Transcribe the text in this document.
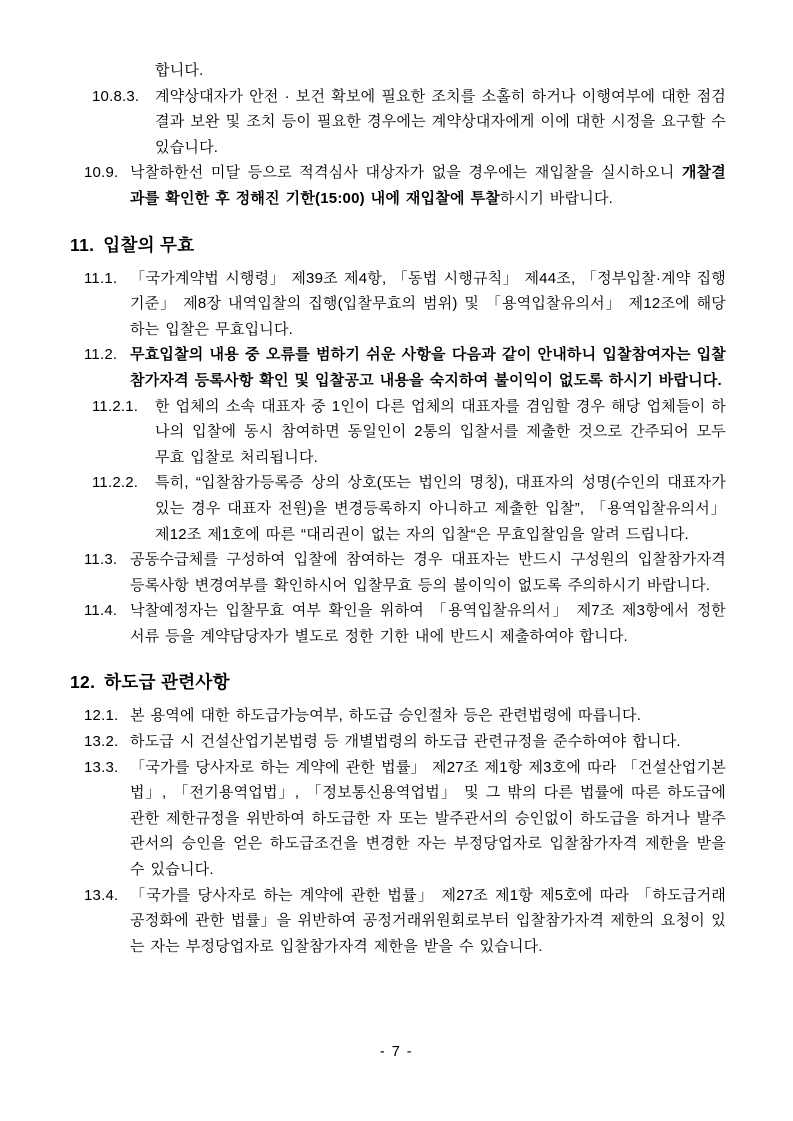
합니다.
10.8.3. 계약상대자가 안전 · 보건 확보에 필요한 조치를 소홀히 하거나 이행여부에 대한 점검결과 보완 및 조치 등이 필요한 경우에는 계약상대자에게 이에 대한 시정을 요구할 수 있습니다.
10.9. 낙찰하한선 미달 등으로 적격심사 대상자가 없을 경우에는 재입찰을 실시하오니 개찰결과를 확인한 후 정해진 기한(15:00) 내에 재입찰에 투찰하시기 바랍니다.
11. 입찰의 무효
11.1. 「국가계약법 시행령」 제39조 제4항, 「동법 시행규칙」 제44조, 「정부입찰·계약 집행기준」 제8장 내역입찰의 집행(입찰무효의 범위) 및 「용역입찰유의서」 제12조에 해당하는 입찰은 무효입니다.
11.2. 무효입찰의 내용 중 오류를 범하기 쉬운 사항을 다음과 같이 안내하니 입찰참여자는 입찰참가자격 등록사항 확인 및 입찰공고 내용을 숙지하여 불이익이 없도록 하시기 바랍니다.
11.2.1. 한 업체의 소속 대표자 중 1인이 다른 업체의 대표자를 겸임할 경우 해당 업체들이 하나의 입찰에 동시 참여하면 동일인이 2통의 입찰서를 제출한 것으로 간주되어 모두 무효 입찰로 처리됩니다.
11.2.2. 특히, “입찰참가등록증 상의 상호(또는 법인의 명칭), 대표자의 성명(수인의 대표자가 있는 경우 대표자 전원)을 변경등록하지 아니하고 제출한 입찰”, 「용역입찰유의서」 제12조 제1호에 따른 “대리권이 없는 자의 입찰“은 무효입찰임을 알려 드립니다.
11.3. 공동수급체를 구성하여 입찰에 참여하는 경우 대표자는 반드시 구성원의 입찰참가자격 등록사항 변경여부를 확인하시어 입찰무효 등의 불이익이 없도록 주의하시기 바랍니다.
11.4. 낙찰예정자는 입찰무효 여부 확인을 위하여 「용역입찰유의서」 제7조 제3항에서 정한 서류 등을 계약담당자가 별도로 정한 기한 내에 반드시 제출하여야 합니다.
12. 하도급 관련사항
12.1. 본 용역에 대한 하도급가능여부, 하도급 승인절차 등은 관련법령에 따릅니다.
13.2. 하도급 시 건설산업기본법령 등 개별법령의 하도급 관련규정을 준수하여야 합니다.
13.3. 「국가를 당사자로 하는 계약에 관한 법률」 제27조 제1항 제3호에 따라 「건설산업기본법」, 「전기용역업법」, 「정보통신용역업법」 및 그 밖의 다른 법률에 따른 하도급에 관한 제한규정을 위반하여 하도급한 자 또는 발주관서의 승인없이 하도급을 하거나 발주관서의 승인을 얻은 하도급조건을 변경한 자는 부정당업자로 입찰참가자격 제한을 받을 수 있습니다.
13.4. 「국가를 당사자로 하는 계약에 관한 법률」 제27조 제1항 제5호에 따라 「하도급거래 공정화에 관한 법률」을 위반하여 공정거래위원회로부터 입찰참가자격 제한의 요청이 있는 자는 부정당업자로 입찰참가자격 제한을 받을 수 있습니다.
- 7 -
